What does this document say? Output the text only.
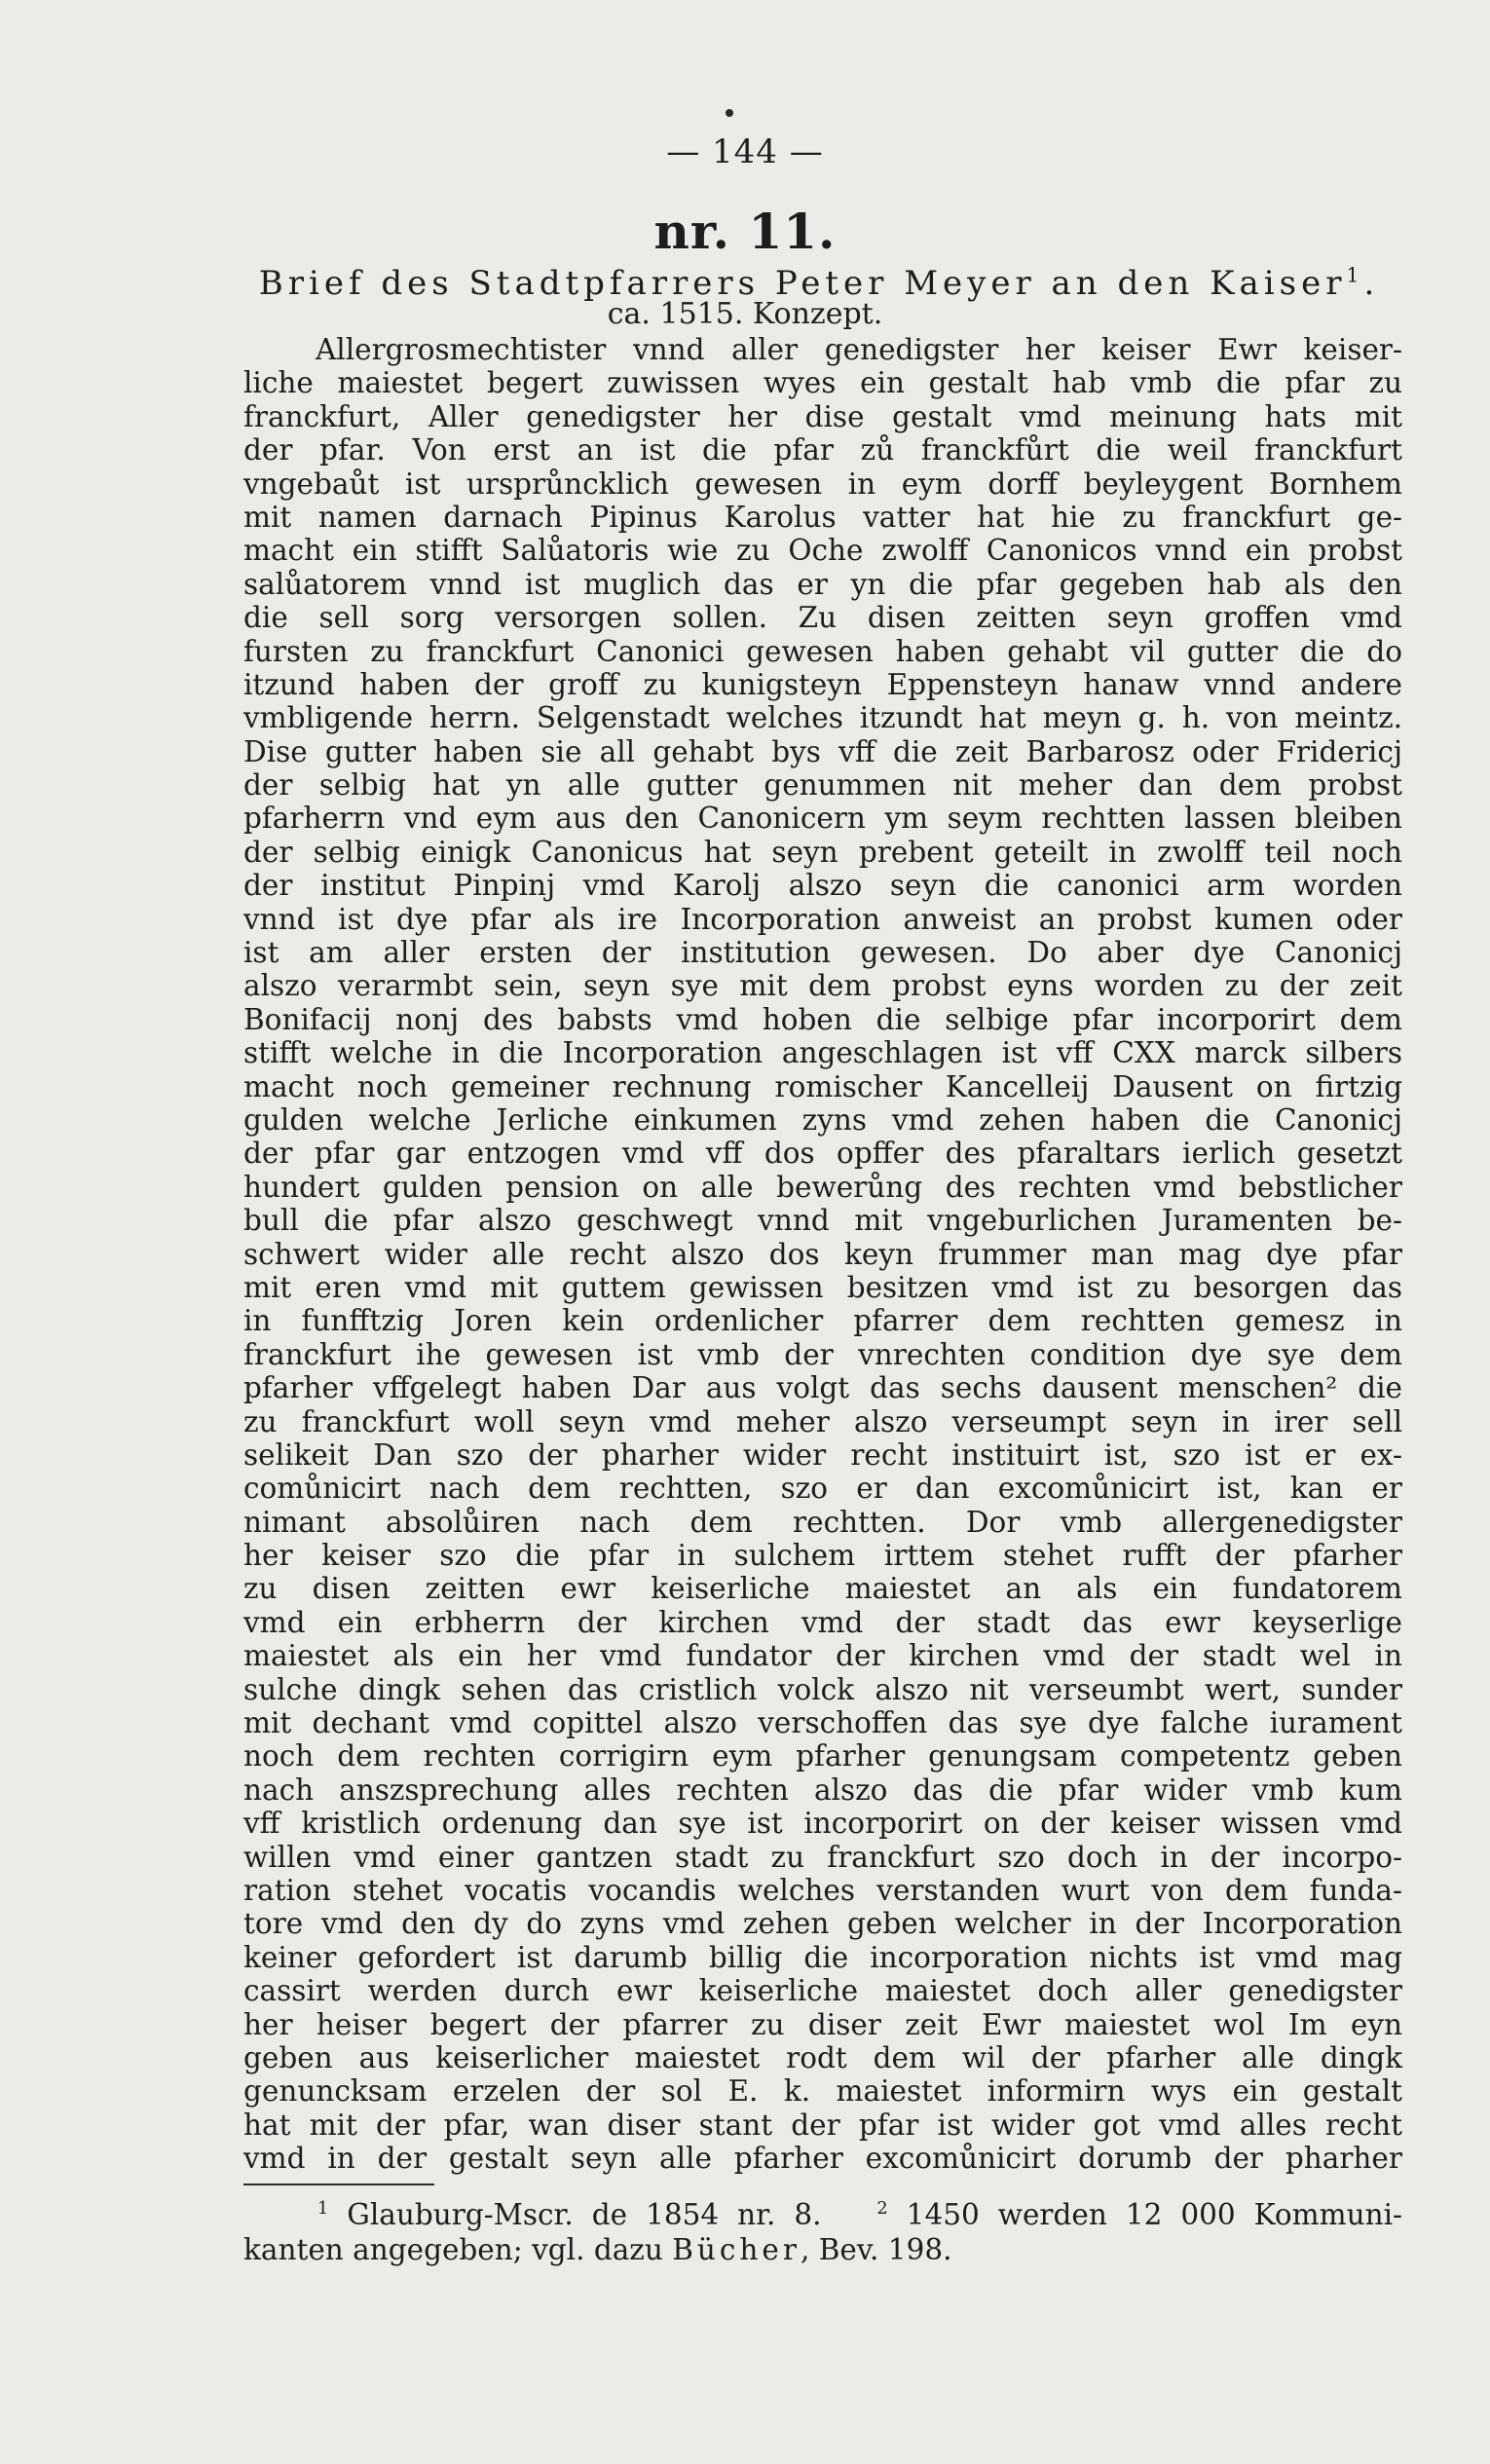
— 144 —
nr. 11.
Brief des Stadtpfarrers Peter Meyer an den Kaiser$^1$.
ca. 1515. Konzept.
Allergrosmechtister vnnd aller genedigster her keiser Ewr keiser-
liche maiestet begert zuwissen wyes ein gestalt hab vmb die pfar zu
franckfurt, Aller genedigster her dise gestalt vmd meinung hats mit
der pfar. Von erst an ist die pfar zů franckfůrt die weil franckfurt
vngebaůt ist ursprůncklich gewesen in eym dorff beyleygent Bornhem
mit namen darnach Pipinus Karolus vatter hat hie zu franckfurt ge-
macht ein stifft Salůatoris wie zu Oche zwolff Canonicos vnnd ein probst
salůatorem vnnd ist muglich das er yn die pfar gegeben hab als den
die sell sorg versorgen sollen. Zu disen zeitten seyn groffen vmd
fursten zu franckfurt Canonici gewesen haben gehabt vil gutter die do
itzund haben der groff zu kunigsteyn Eppensteyn hanaw vnnd andere
vmbligende herrn. Selgenstadt welches itzundt hat meyn g. h. von meintz.
Dise gutter haben sie all gehabt bys vff die zeit Barbarosz oder Fridericj
der selbig hat yn alle gutter genummen nit meher dan dem probst
pfarherrn vnd eym aus den Canonicern ym seym rechtten lassen bleiben
der selbig einigk Canonicus hat seyn prebent geteilt in zwolff teil noch
der institut Pinpinj vmd Karolj alszo seyn die canonici arm worden
vnnd ist dye pfar als ire Incorporation anweist an probst kumen oder
ist am aller ersten der institution gewesen. Do aber dye Canonicj
alszo verarmbt sein, seyn sye mit dem probst eyns worden zu der zeit
Bonifacij nonj des babsts vmd hoben die selbige pfar incorporirt dem
stifft welche in die Incorporation angeschlagen ist vff CXX marck silbers
macht noch gemeiner rechnung romischer Kancelleij Dausent on firtzig
gulden welche Jerliche einkumen zyns vmd zehen haben die Canonicj
der pfar gar entzogen vmd vff dos opffer des pfaraltars ierlich gesetzt
hundert gulden pension on alle bewerůng des rechten vmd bebstlicher
bull die pfar alszo geschwegt vnnd mit vngeburlichen Juramenten be-
schwert wider alle recht alszo dos keyn frummer man mag dye pfar
mit eren vmd mit guttem gewissen besitzen vmd ist zu besorgen das
in funfftzig Joren kein ordenlicher pfarrer dem rechtten gemesz in
franckfurt ihe gewesen ist vmb der vnrechten condition dye sye dem
pfarher vffgelegt haben Dar aus volgt das sechs dausent menschen² die
zu franckfurt woll seyn vmd meher alszo verseumpt seyn in irer sell
selikeit Dan szo der pharher wider recht instituirt ist, szo ist er ex-
comůnicirt nach dem rechtten, szo er dan excomůnicirt ist, kan er
nimant absolůiren nach dem rechtten. Dor vmb allergenedigster
her keiser szo die pfar in sulchem irttem stehet rufft der pfarher
zu disen zeitten ewr keiserliche maiestet an als ein fundatorem
vmd ein erbherrn der kirchen vmd der stadt das ewr keyserlige
maiestet als ein her vmd fundator der kirchen vmd der stadt wel in
sulche dingk sehen das cristlich volck alszo nit verseumbt wert, sunder
mit dechant vmd copittel alszo verschoffen das sye dye falche iurament
noch dem rechten corrigirn eym pfarher genungsam competentz geben
nach anszsprechung alles rechten alszo das die pfar wider vmb kum
vff kristlich ordenung dan sye ist incorporirt on der keiser wissen vmd
willen vmd einer gantzen stadt zu franckfurt szo doch in der incorpo-
ration stehet vocatis vocandis welches verstanden wurt von dem funda-
tore vmd den dy do zyns vmd zehen geben welcher in der Incorporation
keiner gefordert ist darumb billig die incorporation nichts ist vmd mag
cassirt werden durch ewr keiserliche maiestet doch aller genedigster
her heiser begert der pfarrer zu diser zeit Ewr maiestet wol Im eyn
geben aus keiserlicher maiestet rodt dem wil der pfarher alle dingk
genuncksam erzelen der sol E. k. maiestet informirn wys ein gestalt
hat mit der pfar, wan diser stant der pfar ist wider got vmd alles recht
vmd in der gestalt seyn alle pfarher excomůnicirt dorumb der pharher
$^1$ Glauburg-Mscr. de 1854 nr. 8.	$^2$ 1450 werden 12 000 Kommuni-
kanten angegeben; vgl. dazu Bücher, Bev. 198.
